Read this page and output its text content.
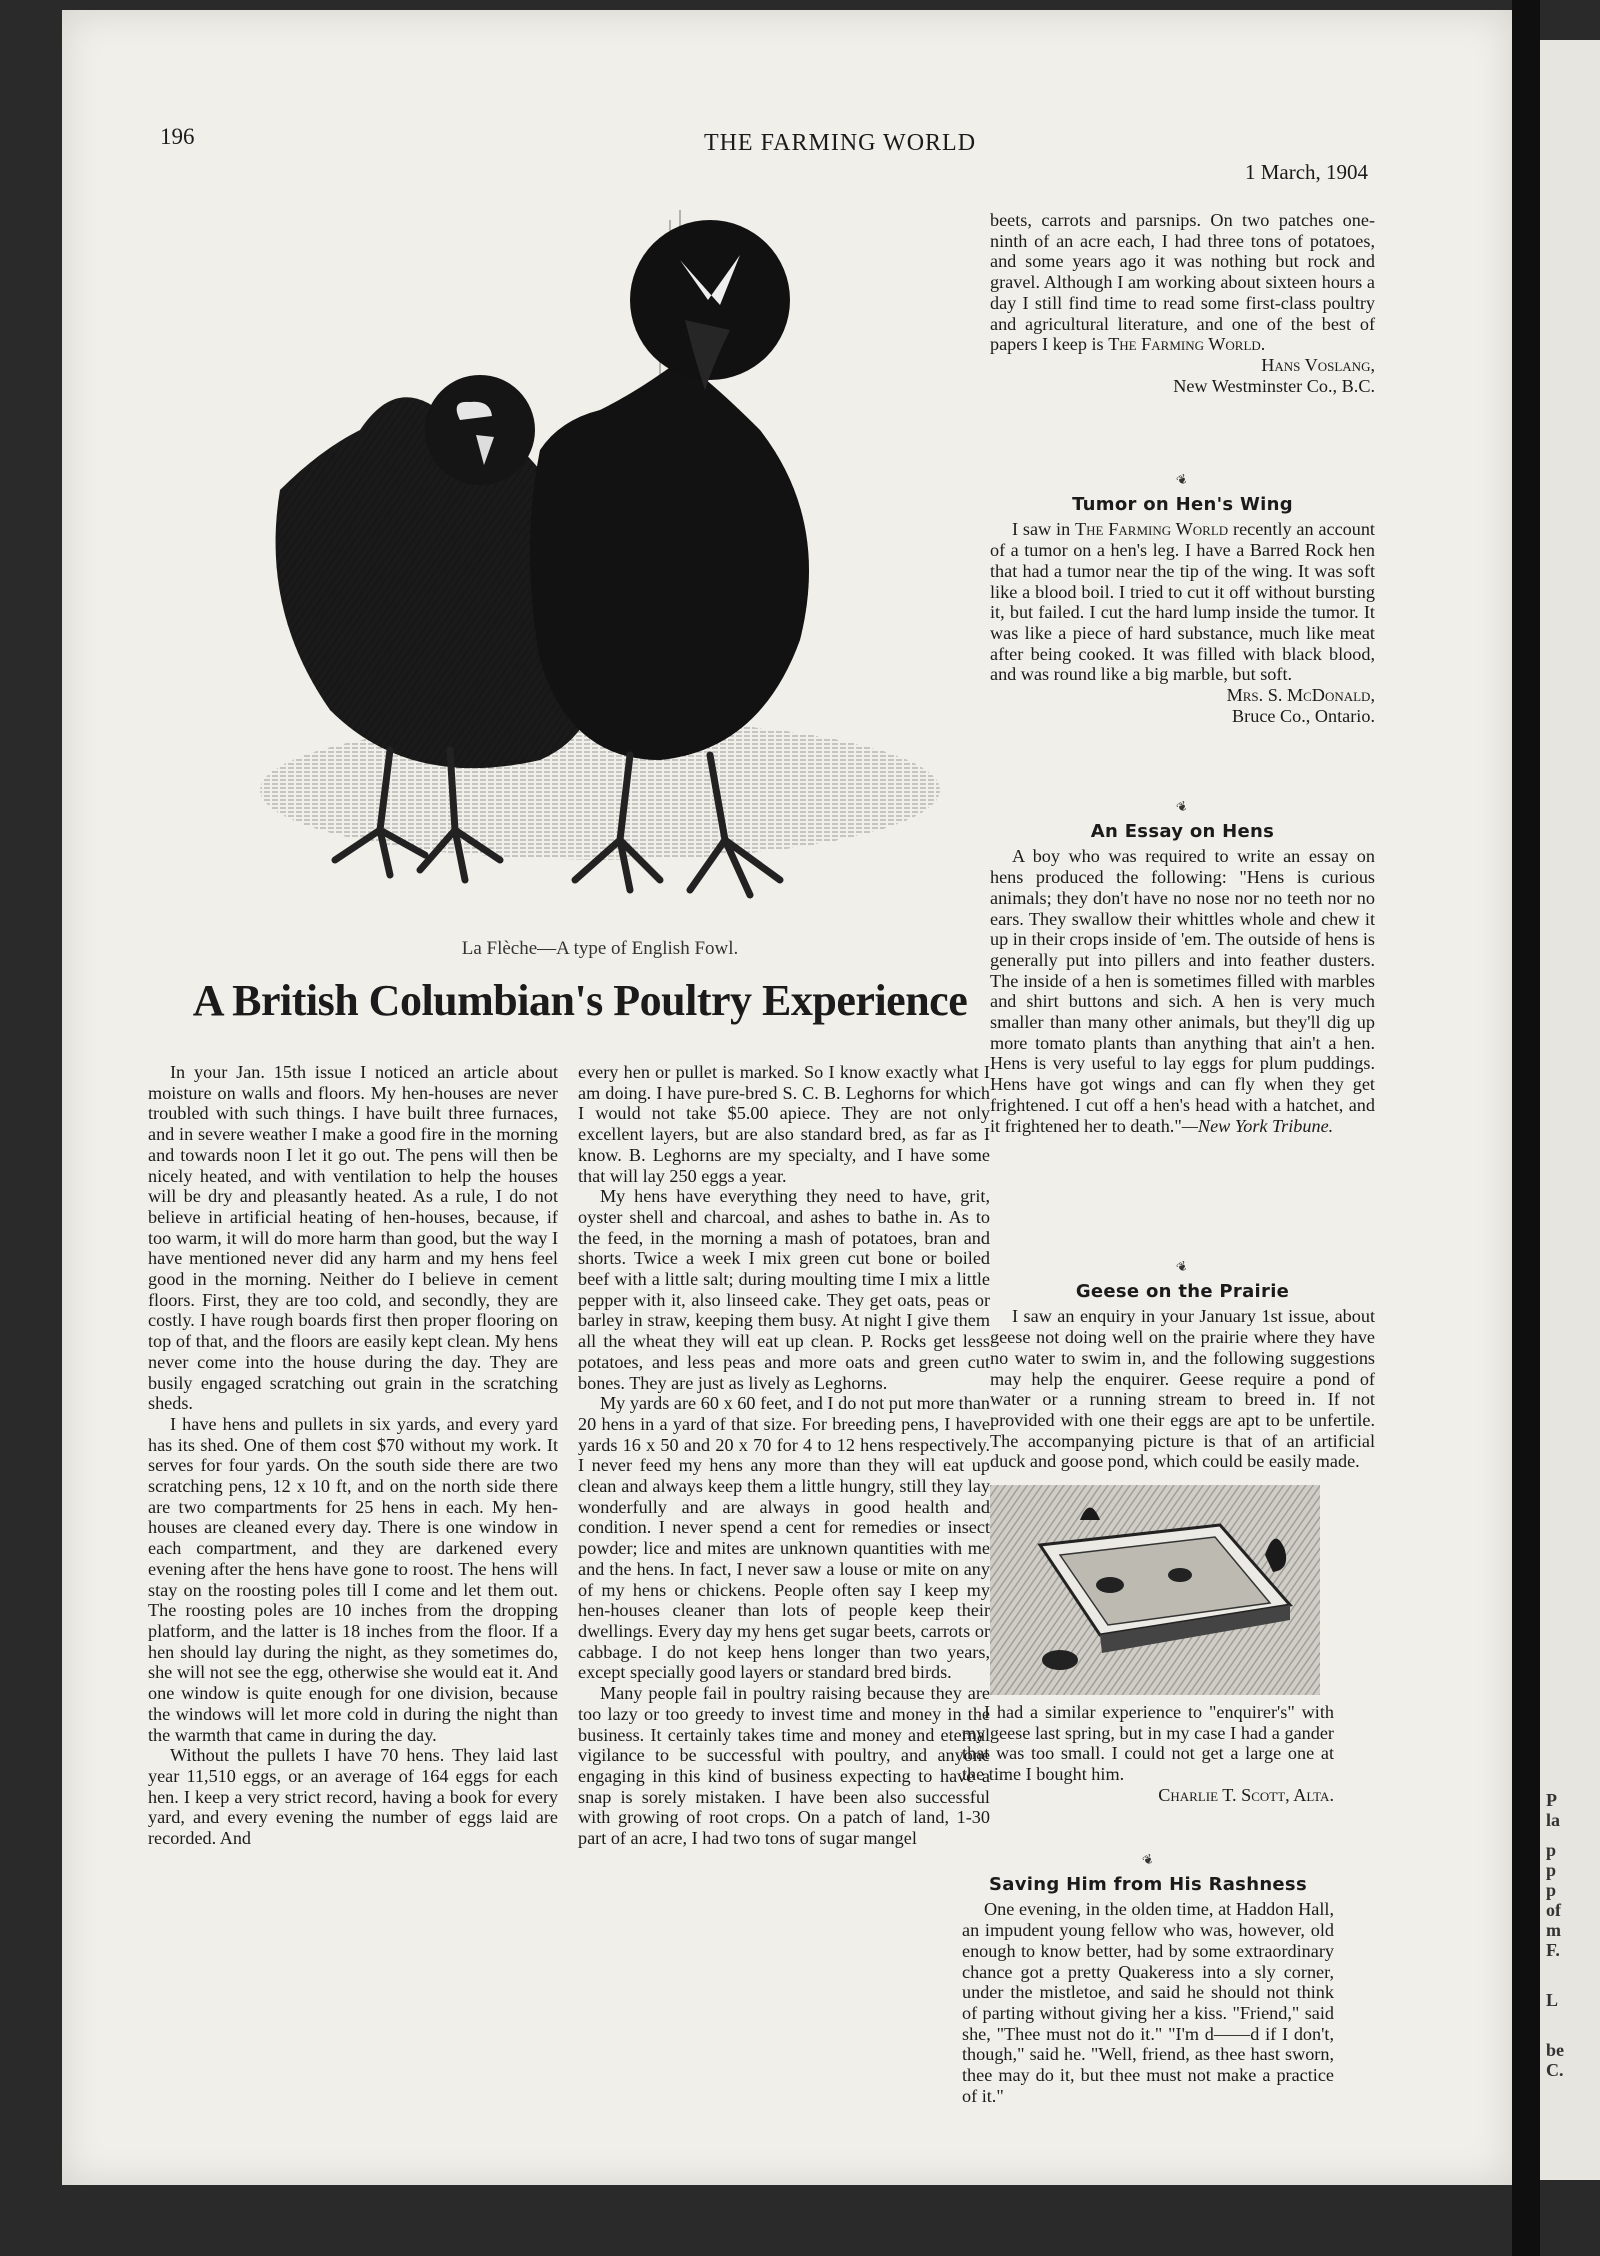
P
la
p
p
p
of
m
F.
L
be
C.
196	THE FARMING WORLD
1 March, 1904
La Flèche—A type of English Fowl.
A British Columbian's Poultry Experience

In your Jan. 15th issue I noticed an article about moisture on walls and floors. My hen-houses are never troubled with such things. I have built three furnaces, and in severe weather I make a good fire in the morning and towards noon I let it go out. The pens will then be nicely heated, and with ventilation to help the houses will be dry and pleasantly heated. As a rule, I do not believe in artificial heating of hen-houses, because, if too warm, it will do more harm than good, but the way I have mentioned never did any harm and my hens feel good in the morning. Neither do I believe in cement floors. First, they are too cold, and secondly, they are costly. I have rough boards first then proper flooring on top of that, and the floors are easily kept clean. My hens never come into the house during the day. They are busily engaged scratching out grain in the scratching sheds.

I have hens and pullets in six yards, and every yard has its shed. One of them cost $70 without my work. It serves for four yards. On the south side there are two scratching pens, 12 x 10 ft, and on the north side there are two compartments for 25 hens in each. My hen-houses are cleaned every day. There is one window in each compartment, and they are darkened every evening after the hens have gone to roost. The hens will stay on the roosting poles till I come and let them out. The roosting poles are 10 inches from the dropping platform, and the latter is 18 inches from the floor. If a hen should lay during the night, as they sometimes do, she will not see the egg, otherwise she would eat it. And one window is quite enough for one division, because the windows will let more cold in during the night than the warmth that came in during the day.

Without the pullets I have 70 hens. They laid last year 11,510 eggs, or an average of 164 eggs for each hen. I keep a very strict record, having a book for every yard, and every evening the number of eggs laid are recorded. And

every hen or pullet is marked. So I know exactly what I am doing. I have pure-bred S. C. B. Leghorns for which I would not take $5.00 apiece. They are not only excellent layers, but are also standard bred, as far as I know. B. Leghorns are my specialty, and I have some that will lay 250 eggs a year.

My hens have everything they need to have, grit, oyster shell and charcoal, and ashes to bathe in. As to the feed, in the morning a mash of potatoes, bran and shorts. Twice a week I mix green cut bone or boiled beef with a little salt; during moulting time I mix a little pepper with it, also linseed cake. They get oats, peas or barley in straw, keeping them busy. At night I give them all the wheat they will eat up clean. P. Rocks get less potatoes, and less peas and more oats and green cut bones. They are just as lively as Leghorns.

My yards are 60 x 60 feet, and I do not put more than 20 hens in a yard of that size. For breeding pens, I have yards 16 x 50 and 20 x 70 for 4 to 12 hens respectively. I never feed my hens any more than they will eat up clean and always keep them a little hungry, still they lay wonderfully and are always in good health and condition. I never spend a cent for remedies or insect powder; lice and mites are unknown quantities with me and the hens. In fact, I never saw a louse or mite on any of my hens or chickens. People often say I keep my hen-houses cleaner than lots of people keep their dwellings. Every day my hens get sugar beets, carrots or cabbage. I do not keep hens longer than two years, except specially good layers or standard bred birds.

Many people fail in poultry raising because they are too lazy or too greedy to invest time and money in the business. It certainly takes time and money and eternal vigilance to be successful with poultry, and anyone engaging in this kind of business expecting to have a snap is sorely mistaken. I have been also successful with growing of root crops. On a patch of land, 1-30 part of an acre, I had two tons of sugar mangel

beets, carrots and parsnips. On two patches one-ninth of an acre each, I had three tons of potatoes, and some years ago it was nothing but rock and gravel. Although I am working about sixteen hours a day I still find time to read some first-class poultry and agricultural literature, and one of the best of papers I keep is The Farming World.

Hans Voslang,
New Westminster Co., B.C.

❦
Tumor on Hen's Wing

I saw in The Farming World recently an account of a tumor on a hen's leg. I have a Barred Rock hen that had a tumor near the tip of the wing. It was soft like a blood boil. I tried to cut it off without bursting it, but failed. I cut the hard lump inside the tumor. It was like a piece of hard substance, much like meat after being cooked. It was filled with black blood, and was round like a big marble, but soft.

Mrs. S. McDonald,
Bruce Co., Ontario.

❦
An Essay on Hens

A boy who was required to write an essay on hens produced the following: "Hens is curious animals; they don't have no nose nor no teeth nor no ears. They swallow their whittles whole and chew it up in their crops inside of 'em. The outside of hens is generally put into pillers and into feather dusters. The inside of a hen is sometimes filled with marbles and shirt buttons and sich. A hen is very much smaller than many other animals, but they'll dig up more tomato plants than anything that ain't a hen. Hens is very useful to lay eggs for plum puddings. Hens have got wings and can fly when they get frightened. I cut off a hen's head with a hatchet, and it frightened her to death."—New York Tribune.

❦
Geese on the Prairie

I saw an enquiry in your January 1st issue, about geese not doing well on the prairie where they have no water to swim in, and the following suggestions may help the enquirer. Geese require a pond of water or a running stream to breed in. If not provided with one their eggs are apt to be unfertile. The accompanying picture is that of an artificial duck and goose pond, which could be easily made.

I had a similar experience to "enquirer's" with my geese last spring, but in my case I had a gander that was too small. I could not get a large one at the time I bought him.

Charlie T. Scott, Alta.

❦
Saving Him from His Rashness

One evening, in the olden time, at Haddon Hall, an impudent young fellow who was, however, old enough to know better, had by some extraordinary chance got a pretty Quakeress into a sly corner, under the mistletoe, and said he should not think of parting without giving her a kiss. "Friend," said she, "Thee must not do it." "I'm d——d if I don't, though," said he. "Well, friend, as thee hast sworn, thee may do it, but thee must not make a practice of it."
